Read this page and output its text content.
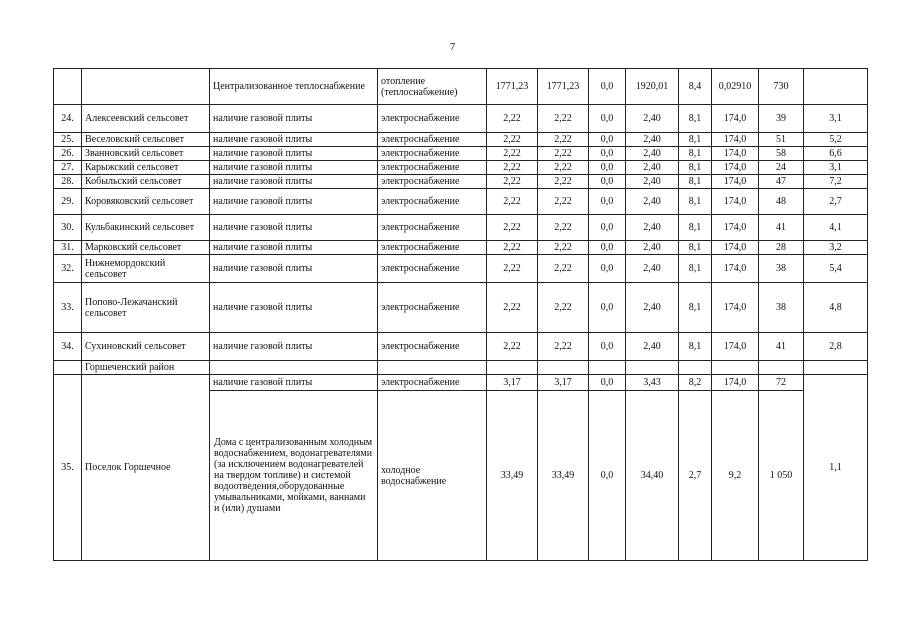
7
		Централизованное теплоснабжение	отопление (теплоснабжение)	1771,23	1771,23	0,0	1920,01	8,4	0,02910	730	
24.	Алексеевский сельсовет	наличие газовой плиты	электроснабжение	2,22	2,22	0,0	2,40	8,1	174,0	39	3,1
25.	Веселовский сельсовет	наличие газовой плиты	электроснабжение	2,22	2,22	0,0	2,40	8,1	174,0	51	5,2
26.	Званновский сельсовет	наличие газовой плиты	электроснабжение	2,22	2,22	0,0	2,40	8,1	174,0	58	6,6
27.	Карыжский сельсовет	наличие газовой плиты	электроснабжение	2,22	2,22	0,0	2,40	8,1	174,0	24	3,1
28.	Кобыльский сельсовет	наличие газовой плиты	электроснабжение	2,22	2,22	0,0	2,40	8,1	174,0	47	7,2
29.	Коровяковский сельсовет	наличие газовой плиты	электроснабжение	2,22	2,22	0,0	2,40	8,1	174,0	48	2,7
30.	Кульбакинский сельсовет	наличие газовой плиты	электроснабжение	2,22	2,22	0,0	2,40	8,1	174,0	41	4,1
31.	Марковский сельсовет	наличие газовой плиты	электроснабжение	2,22	2,22	0,0	2,40	8,1	174,0	28	3,2
32.	Нижнемордокский сельсовет	наличие газовой плиты	электроснабжение	2,22	2,22	0,0	2,40	8,1	174,0	38	5,4
33.	Попово-Лежачанский сельсовет	наличие газовой плиты	электроснабжение	2,22	2,22	0,0	2,40	8,1	174,0	38	4,8
34.	Сухиновский сельсовет	наличие газовой плиты	электроснабжение	2,22	2,22	0,0	2,40	8,1	174,0	41	2,8
	Горшеченский район										
35.	Поселок Горшечное	наличие газовой плиты	электроснабжение	3,17	3,17	0,0	3,43	8,2	174,0	72	1,1
		Дома с централизованным холодным водоснабжением, водонагревателями (за исключением водонагревателей на твердом топливе) и системой водоотведения,оборудованные умывальниками, мойками, ваннами и (или) душами	холодное водоснабжение	33,49	33,49	0,0	34,40	2,7	9,2	1 050	
